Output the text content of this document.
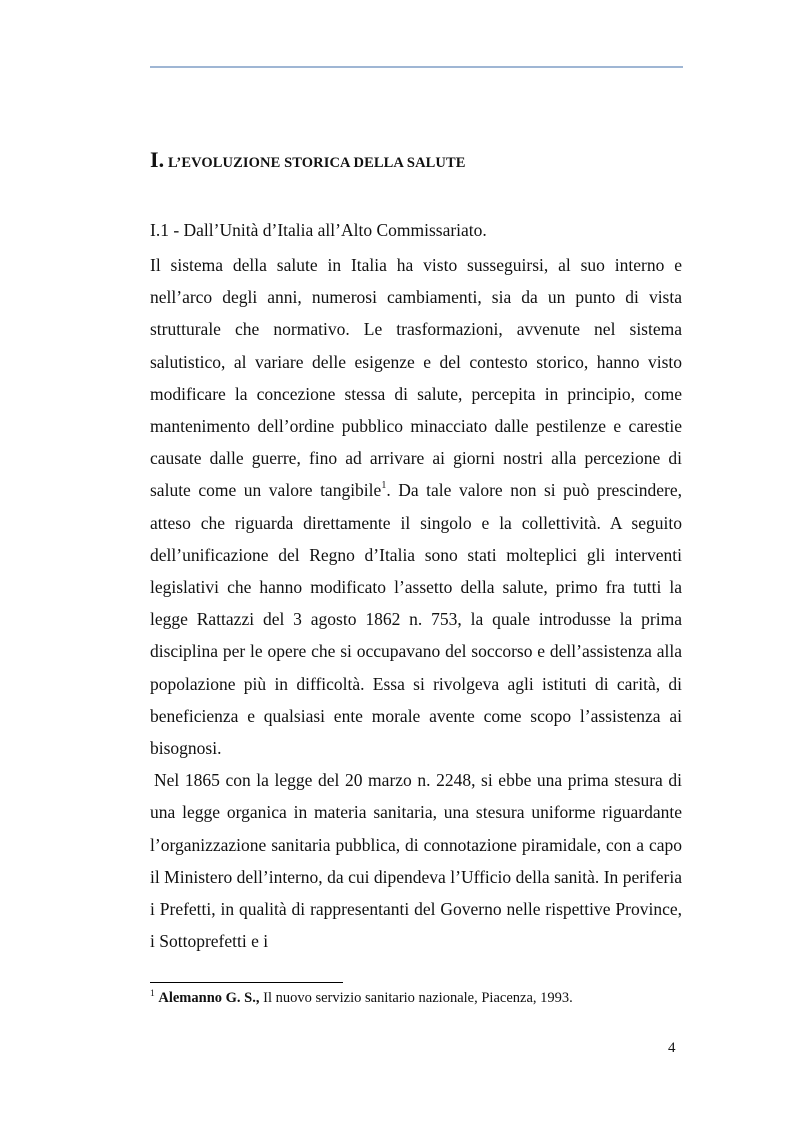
I. L’EVOLUZIONE STORICA DELLA SALUTE
I.1 - Dall’Unità d’Italia all’Alto Commissariato.

Il sistema della salute in Italia ha visto susseguirsi, al suo interno e nell’arco degli anni, numerosi cambiamenti, sia da un punto di vista strutturale che normativo. Le trasformazioni, avvenute nel sistema salutistico, al variare delle esigenze e del contesto storico, hanno visto modificare la concezione stessa di salute, percepita in principio, come mantenimento dell’ordine pubblico minacciato dalle pestilenze e carestie causate dalle guerre, fino ad arrivare ai giorni nostri alla percezione di salute come un valore tangibile$^1$. Da tale valore non si può prescindere, atteso che riguarda direttamente il singolo e la collettività. A seguito dell’unificazione del Regno d’Italia sono stati molteplici gli interventi legislativi che hanno modificato l’assetto della salute, primo fra tutti la legge Rattazzi del 3 agosto 1862 n. 753, la quale introdusse la prima disciplina per le opere che si occupavano del soccorso e dell’assistenza alla popolazione più in difficoltà. Essa si rivolgeva agli istituti di carità, di beneficienza e qualsiasi ente morale avente come scopo l’assistenza ai bisognosi.

Nel 1865 con la legge del 20 marzo n. 2248, si ebbe una prima stesura di una legge organica in materia sanitaria, una stesura uniforme riguardante l’organizzazione sanitaria pubblica, di connotazione piramidale, con a capo il Ministero dell’interno, da cui dipendeva l’Ufficio della sanità. In periferia i Prefetti, in qualità di rappresentanti del Governo nelle rispettive Province, i Sottoprefetti e i

$^1$ Alemanno G. S., Il nuovo servizio sanitario nazionale, Piacenza, 1993.
4
